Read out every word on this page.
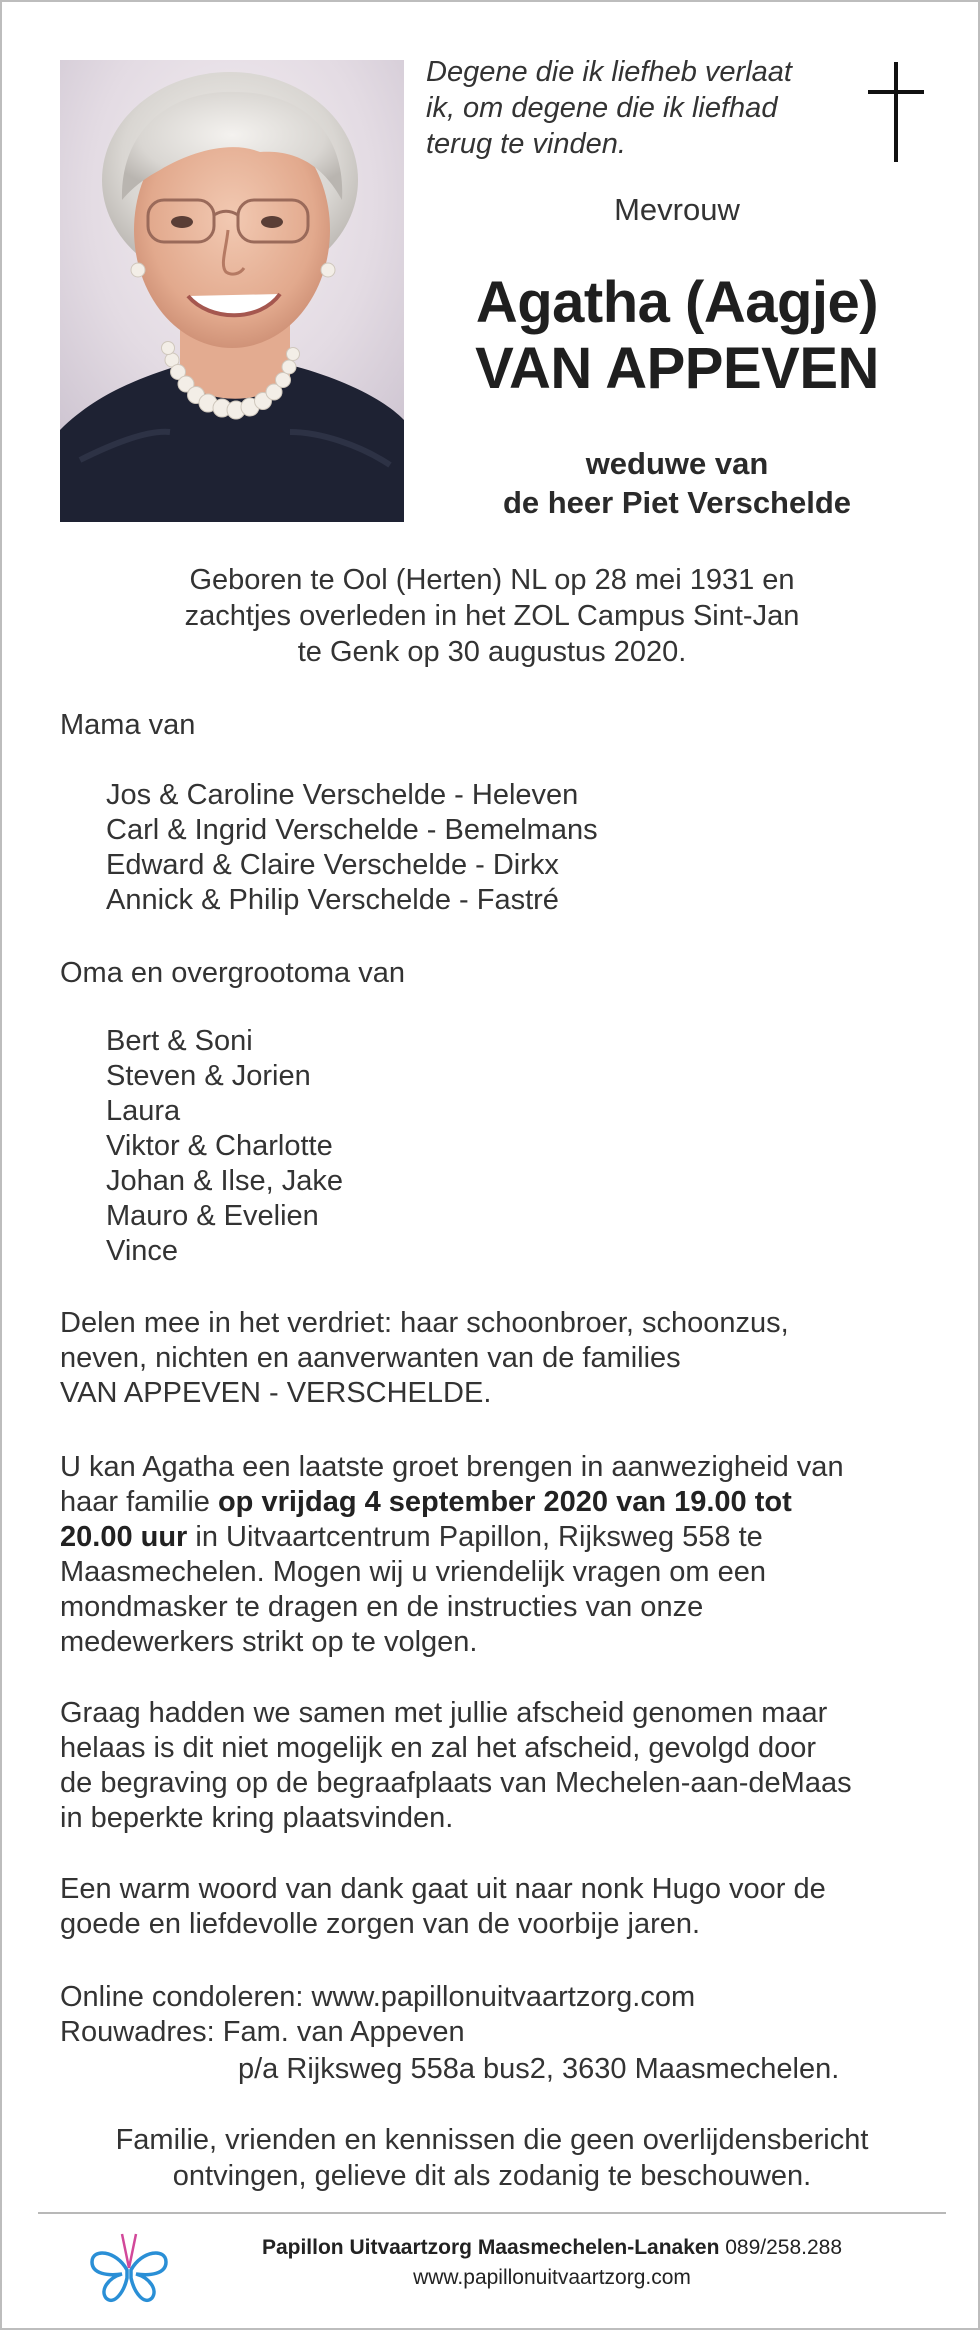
Degene die ik liefheb verlaat
ik, om degene die ik liefhad
terug te vinden.
Mevrouw
Agatha (Aagje)
VAN APPEVEN
weduwe van
de heer Piet Verschelde
Geboren te Ool (Herten) NL op 28 mei 1931 en
zachtjes overleden in het ZOL Campus Sint-Jan
te Genk op 30 augustus 2020.
Mama van
Jos & Caroline Verschelde - Heleven
Carl & Ingrid Verschelde - Bemelmans
Edward & Claire Verschelde - Dirkx
Annick & Philip Verschelde - Fastré
Oma en overgrootoma van
Bert & Soni
Steven & Jorien
Laura
Viktor & Charlotte
Johan & Ilse, Jake
Mauro & Evelien
Vince
Delen mee in het verdriet: haar schoonbroer, schoonzus,
neven, nichten en aanverwanten van de families
VAN APPEVEN - VERSCHELDE.
U kan Agatha een laatste groet brengen in aanwezigheid van
haar familie op vrijdag 4 september 2020 van 19.00 tot
20.00 uur in Uitvaartcentrum Papillon, Rijksweg 558 te
Maasmechelen. Mogen wij u vriendelijk vragen om een
mondmasker te dragen en de instructies van onze
medewerkers strikt op te volgen.
Graag hadden we samen met jullie afscheid genomen maar
helaas is dit niet mogelijk en zal het afscheid, gevolgd door
de begraving op de begraafplaats van Mechelen-aan-deMaas
in beperkte kring plaatsvinden.
Een warm woord van dank gaat uit naar nonk Hugo voor de
goede en liefdevolle zorgen van de voorbije jaren.
Online condoleren: www.papillonuitvaartzorg.com
Rouwadres: Fam. van Appeven
p/a Rijksweg 558a bus2, 3630 Maasmechelen.
Familie, vrienden en kennissen die geen overlijdensbericht
ontvingen, gelieve dit als zodanig te beschouwen.
Papillon Uitvaartzorg Maasmechelen-Lanaken 089/258.288
www.papillonuitvaartzorg.com
